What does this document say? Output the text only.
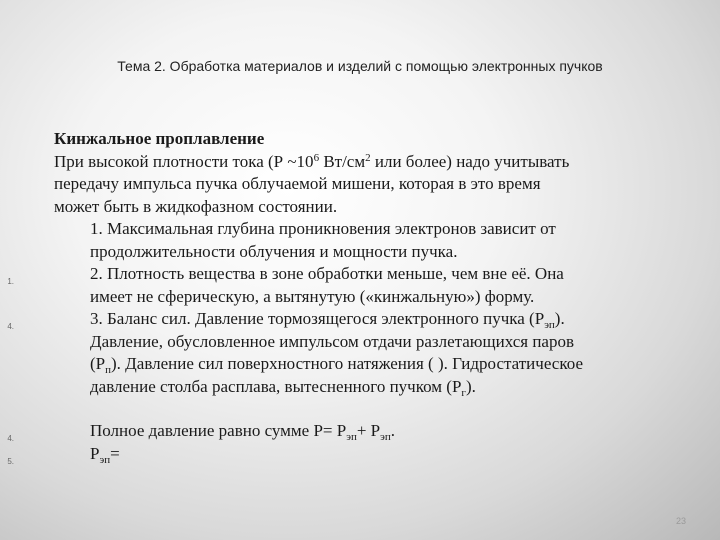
Тема 2. Обработка материалов и изделий с помощью электронных пучков
Кинжальное проплавление
При высокой плотности тока (Р $\sim 10^6$ $Вт/см^2$ или более) надо учитывать
передачу импульса пучка облучаемой мишени, которая в это время
может быть в жидкофазном состоянии.
1. Максимальная глубина проникновения электронов зависит от
продолжительности облучения и мощности пучка.
1.	2. Плотность вещества в зоне обработки меньше, чем вне её. Она
имеет не сферическую, а вытянутую («кинжальную») форму.
4.	3. Баланс сил. Давление тормозящегося электронного пучка $(Р_{эп})$.
Давление, обусловленное импульсом отдачи разлетающихся паров
$(Р_п)$. Давление сил поверхностного натяжения ( ). Гидростатическое
давление столба расплава, вытесненного пучком $(Р_г)$.
4.	Полное давление равно сумме $Р= Р_{эп}+ Р_{эп}$.
5.	$Р_{эп}=$
23
